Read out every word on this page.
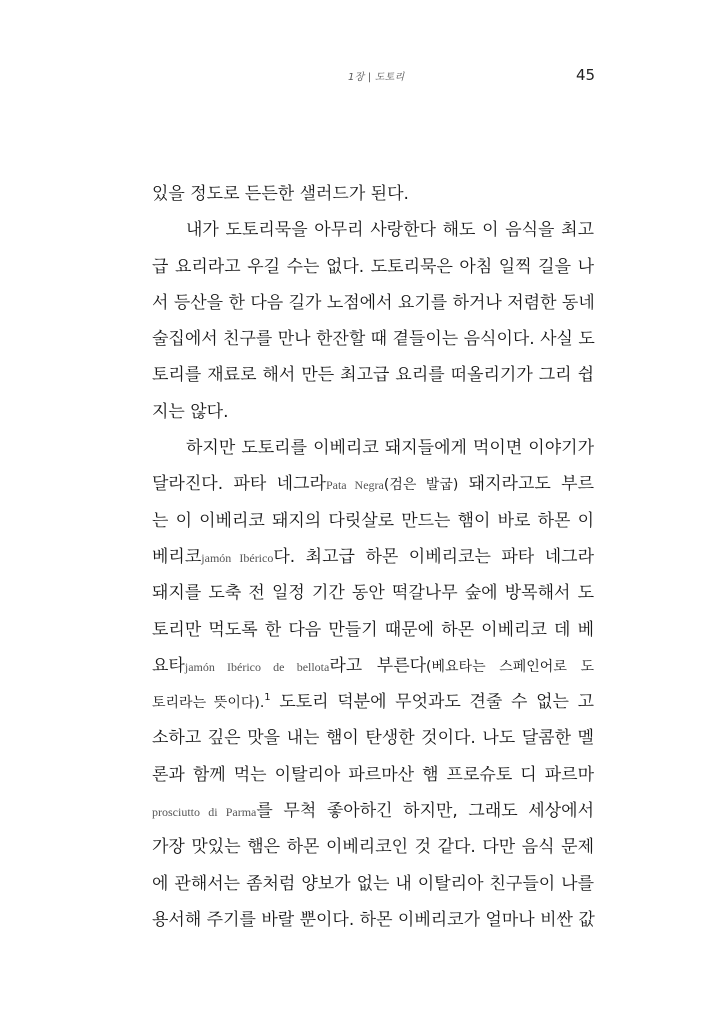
1장 | 도토리	45
있을 정도로 든든한 샐러드가 된다.
내가 도토리묵을 아무리 사랑한다 해도 이 음식을 최고
급 요리라고 우길 수는 없다. 도토리묵은 아침 일찍 길을 나
서 등산을 한 다음 길가 노점에서 요기를 하거나 저렴한 동네
술집에서 친구를 만나 한잔할 때 곁들이는 음식이다. 사실 도
토리를 재료로 해서 만든 최고급 요리를 떠올리기가 그리 쉽
지는 않다.
하지만 도토리를 이베리코 돼지들에게 먹이면 이야기가
달라진다. 파타 네그라Pata Negra(검은 발굽) 돼지라고도 부르
는 이 이베리코 돼지의 다릿살로 만드는 햄이 바로 하몬 이
베리코jamón Ibérico다. 최고급 하몬 이베리코는 파타 네그라
돼지를 도축 전 일정 기간 동안 떡갈나무 숲에 방목해서 도
토리만 먹도록 한 다음 만들기 때문에 하몬 이베리코 데 베
요타jamón Ibérico de bellota라고 부른다(베요타는 스페인어로 도
토리라는 뜻이다).$^1$ 도토리 덕분에 무엇과도 견줄 수 없는 고
소하고 깊은 맛을 내는 햄이 탄생한 것이다. 나도 달콤한 멜
론과 함께 먹는 이탈리아 파르마산 햄 프로슈토 디 파르마
prosciutto di Parma를 무척 좋아하긴 하지만, 그래도 세상에서
가장 맛있는 햄은 하몬 이베리코인 것 같다. 다만 음식 문제
에 관해서는 좀처럼 양보가 없는 내 이탈리아 친구들이 나를
용서해 주기를 바랄 뿐이다. 하몬 이베리코가 얼마나 비싼 값
